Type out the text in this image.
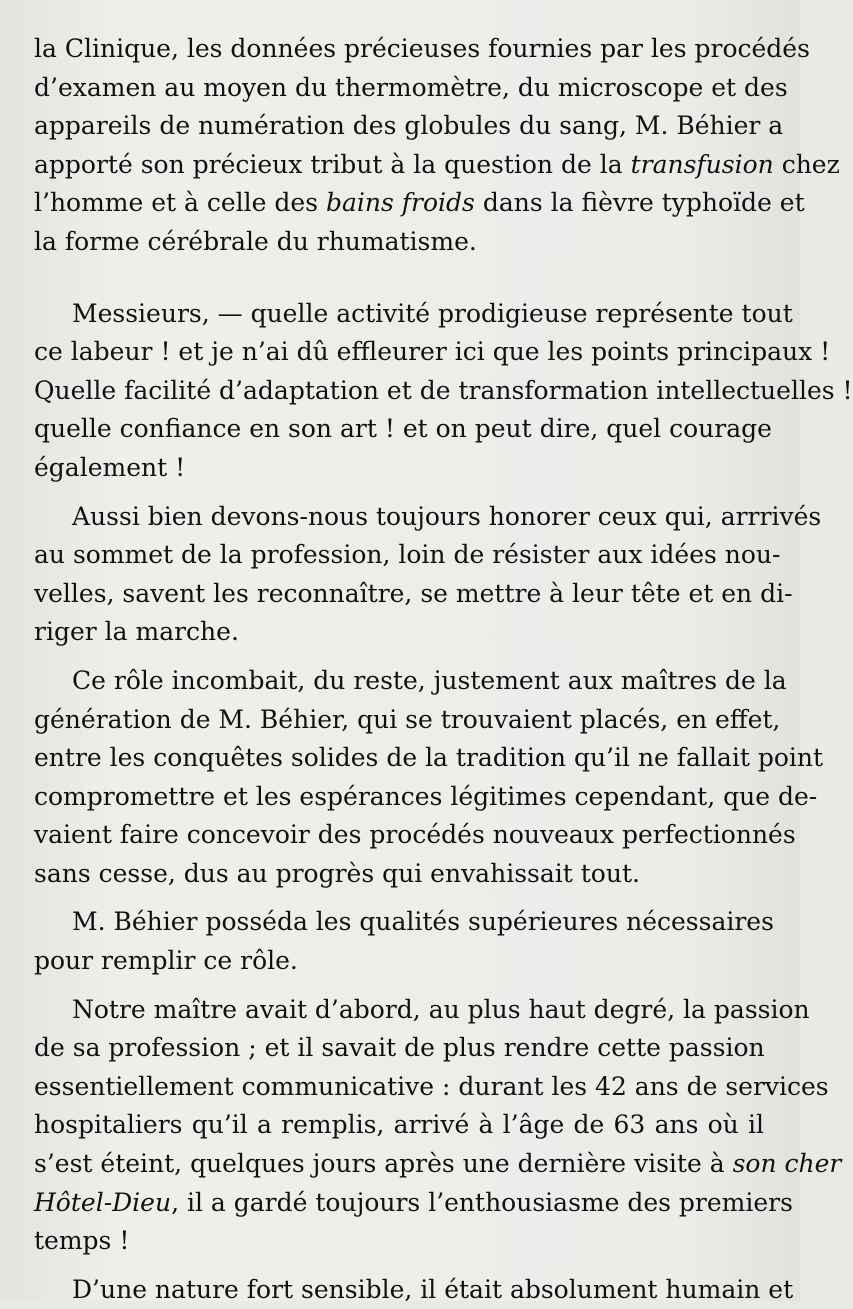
la Clinique, les données précieuses fournies par les procédés
d’examen au moyen du thermomètre, du microscope et des
appareils de numération des globules du sang, M. Béhier a
apporté son précieux tribut à la question de la transfusion chez
l’homme et à celle des bains froids dans la fièvre typhoïde et
la forme cérébrale du rhumatisme.
Messieurs, — quelle activité prodigieuse représente tout
ce labeur ! et je n’ai dû effleurer ici que les points principaux !
Quelle facilité d’adaptation et de transformation intellectuelles !
quelle confiance en son art ! et on peut dire, quel courage
également !
Aussi bien devons-nous toujours honorer ceux qui, arrrivés
au sommet de la profession, loin de résister aux idées nou-
velles, savent les reconnaître, se mettre à leur tête et en di-
riger la marche.
Ce rôle incombait, du reste, justement aux maîtres de la
génération de M. Béhier, qui se trouvaient placés, en effet,
entre les conquêtes solides de la tradition qu’il ne fallait point
compromettre et les espérances légitimes cependant, que de-
vaient faire concevoir des procédés nouveaux perfectionnés
sans cesse, dus au progrès qui envahissait tout.
M. Béhier posséda les qualités supérieures nécessaires
pour remplir ce rôle.
Notre maître avait d’abord, au plus haut degré, la passion
de sa profession ; et il savait de plus rendre cette passion
essentiellement communicative : durant les 42 ans de services
hospitaliers qu’il a remplis, arrivé à l’âge de 63 ans où il
s’est éteint, quelques jours après une dernière visite à son cher
Hôtel-Dieu, il a gardé toujours l’enthousiasme des premiers
temps !
D’une nature fort sensible, il était absolument humain et
